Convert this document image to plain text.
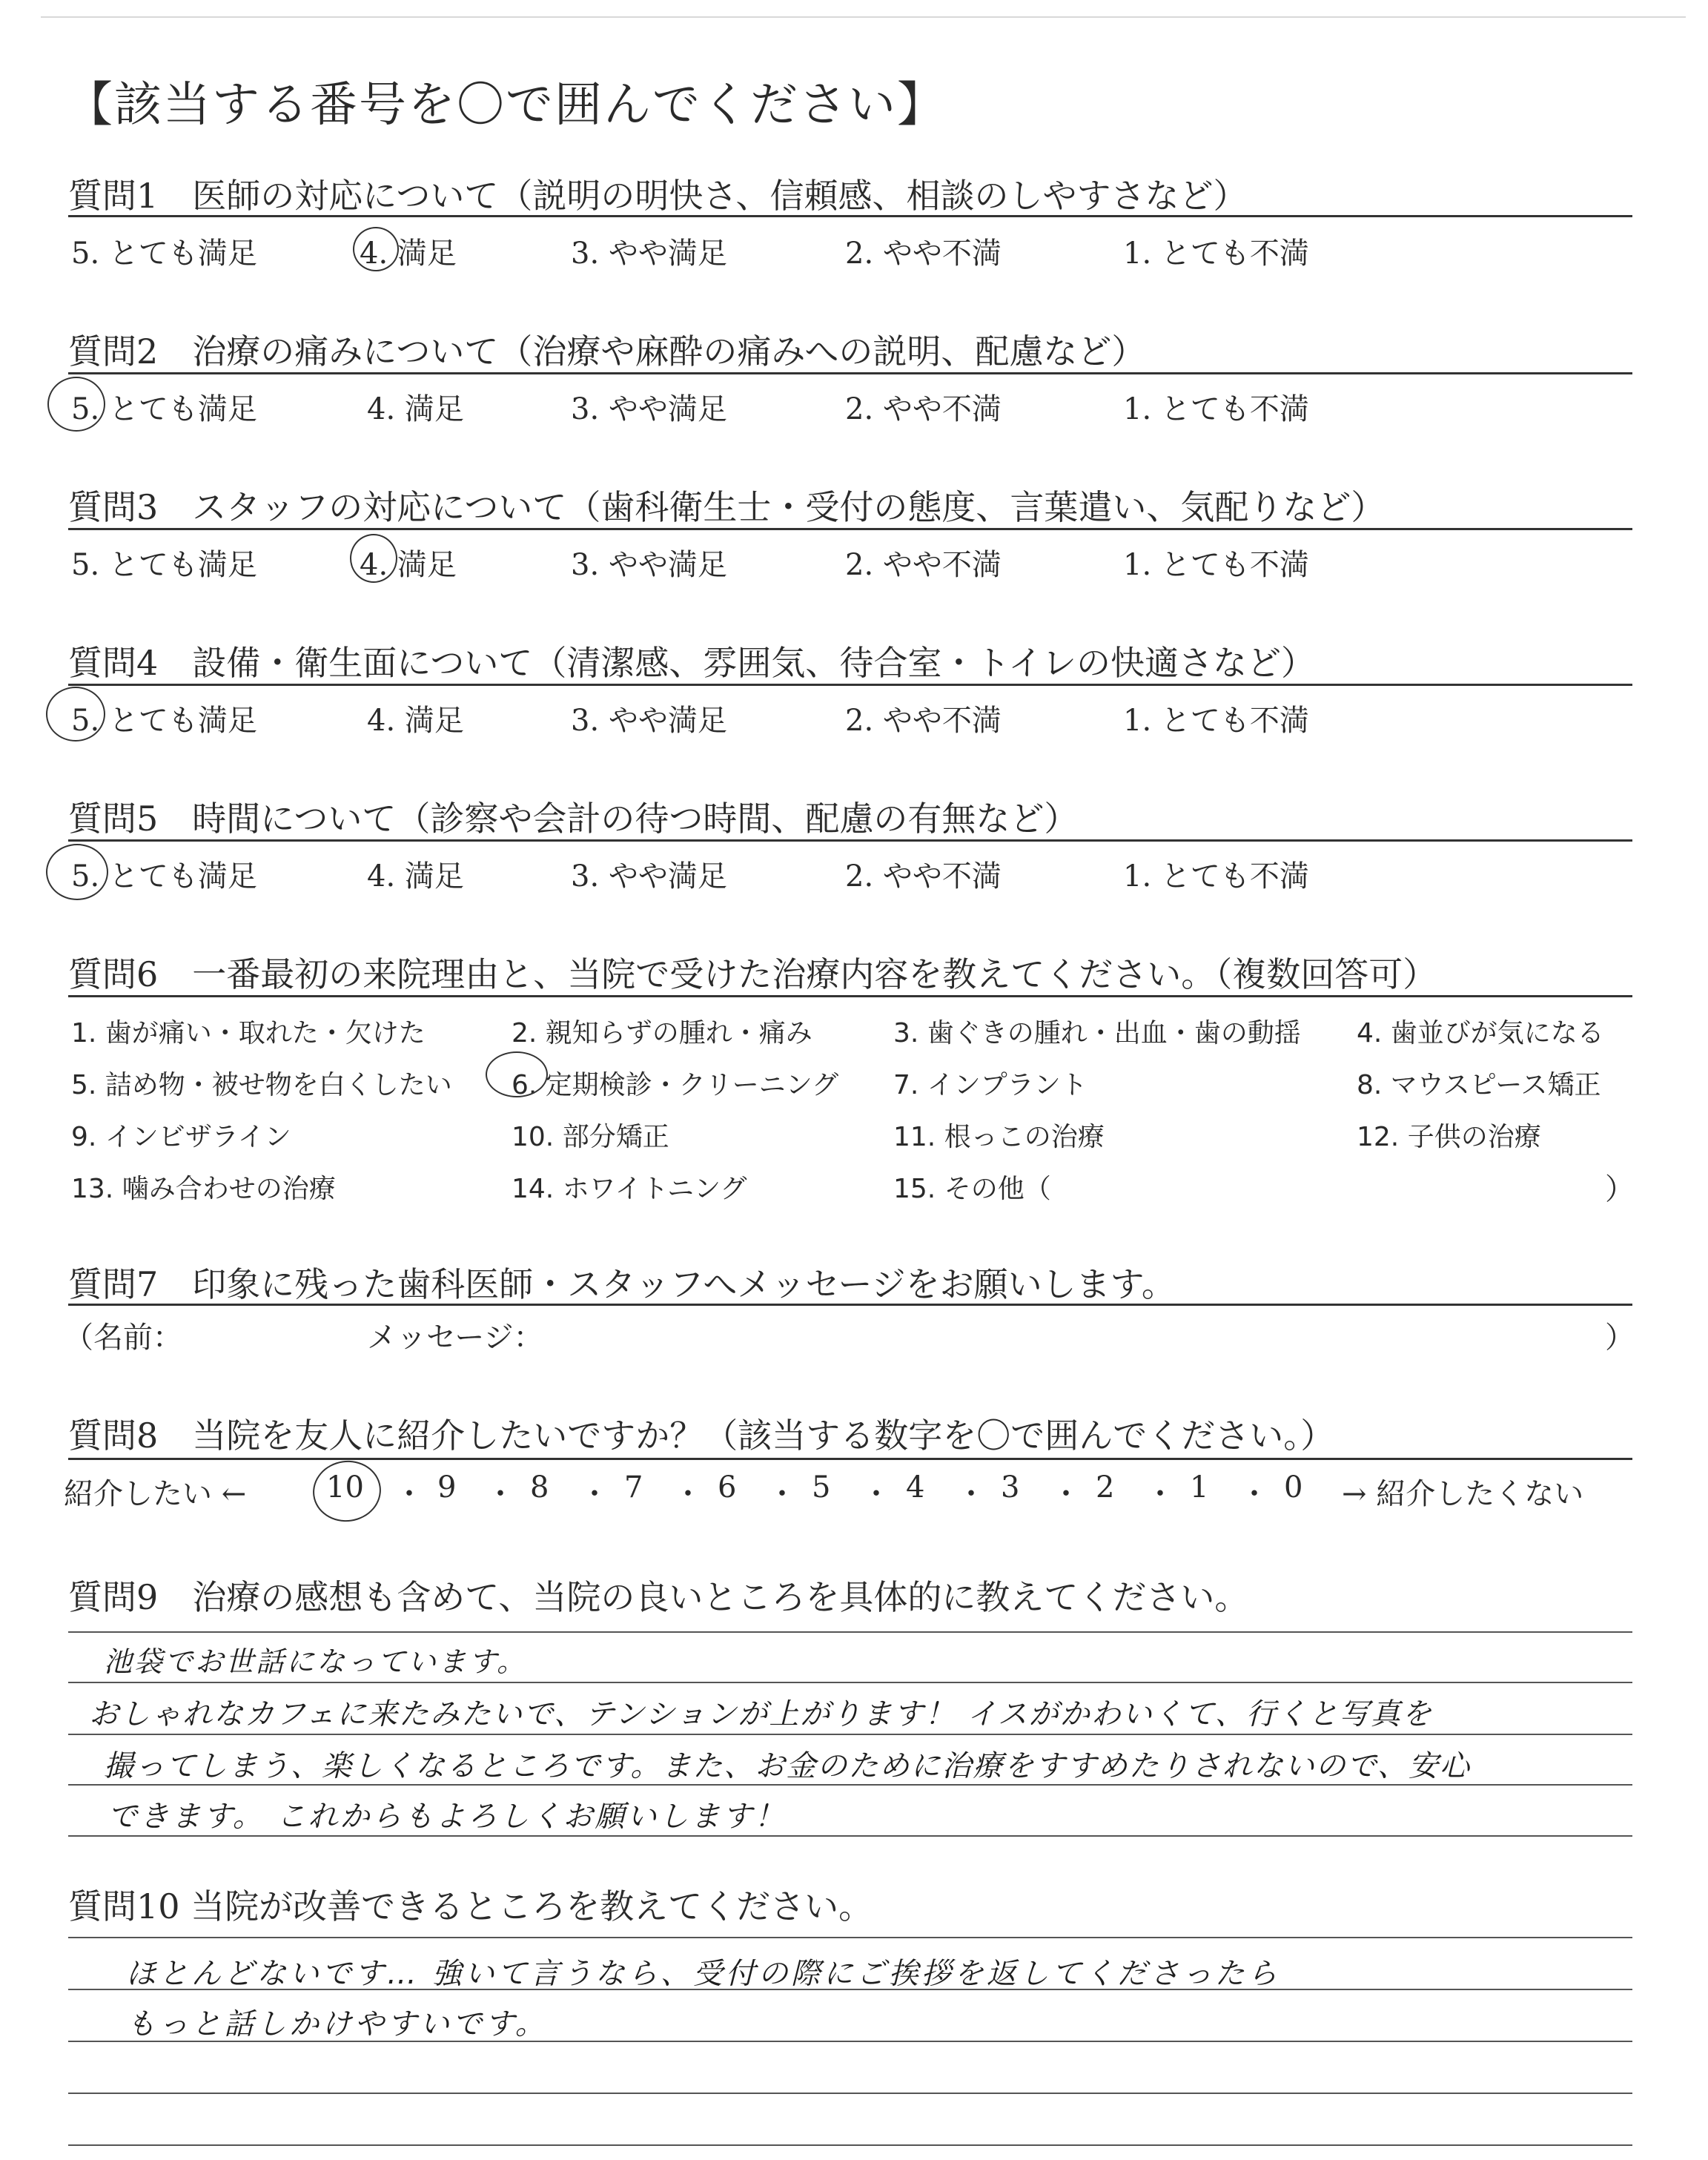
【該当する番号を〇で囲んでください】
質問1　医師の対応について（説明の明快さ、信頼感、相談のしやすさなど）
5. とても満足	4. 満足	3. やや満足	2. やや不満	1. とても不満
質問2　治療の痛みについて（治療や麻酔の痛みへの説明、配慮など）
5. とても満足	4. 満足	3. やや満足	2. やや不満	1. とても不満
質問3　スタッフの対応について（歯科衛生士・受付の態度、言葉遣い、気配りなど）
5. とても満足	4. 満足	3. やや満足	2. やや不満	1. とても不満
質問4　設備・衛生面について（清潔感、雰囲気、待合室・トイレの快適さなど）
5. とても満足	4. 満足	3. やや満足	2. やや不満	1. とても不満
質問5　時間について（診察や会計の待つ時間、配慮の有無など）
5. とても満足	4. 満足	3. やや満足	2. やや不満	1. とても不満
質問6　一番最初の来院理由と、当院で受けた治療内容を教えてください。（複数回答可）
1. 歯が痛い・取れた・欠けた	2. 親知らずの腫れ・痛み	3. 歯ぐきの腫れ・出血・歯の動揺 4. 歯並びが気になる
5. 詰め物・被せ物を白くしたい 6. 定期検診・クリーニング 7. インプラント	8. マウスピース矯正
9. インビザライン	10. 部分矯正	11. 根っこの治療	12. 子供の治療
13. 噛み合わせの治療	14. ホワイトニング	15. その他（	）
質問7　印象に残った歯科医師・スタッフへメッセージをお願いします。
（名前：	メッセージ：	）
質問8　当院を友人に紹介したいですか？（該当する数字を〇で囲んでください。）
紹介したい ←	10 ・ 9 ・ 8 ・ 7 ・ 6 ・ 5 ・ 4 ・ 3 ・ 2 ・ 1 ・ 0 → 紹介したくない
質問9　治療の感想も含めて、当院の良いところを具体的に教えてください。
池袋でお世話になっています。
おしゃれなカフェに来たみたいで、テンションが上がります！ イスがかわいくて、行くと写真を
撮ってしまう、楽しくなるところです。また、お金のために治療をすすめたりされないので、安心
できます。 これからもよろしくお願いします！
質問10 当院が改善できるところを教えてください。
ほとんどないです… 強いて言うなら、受付の際にご挨拶を返してくださったら
もっと話しかけやすいです。
